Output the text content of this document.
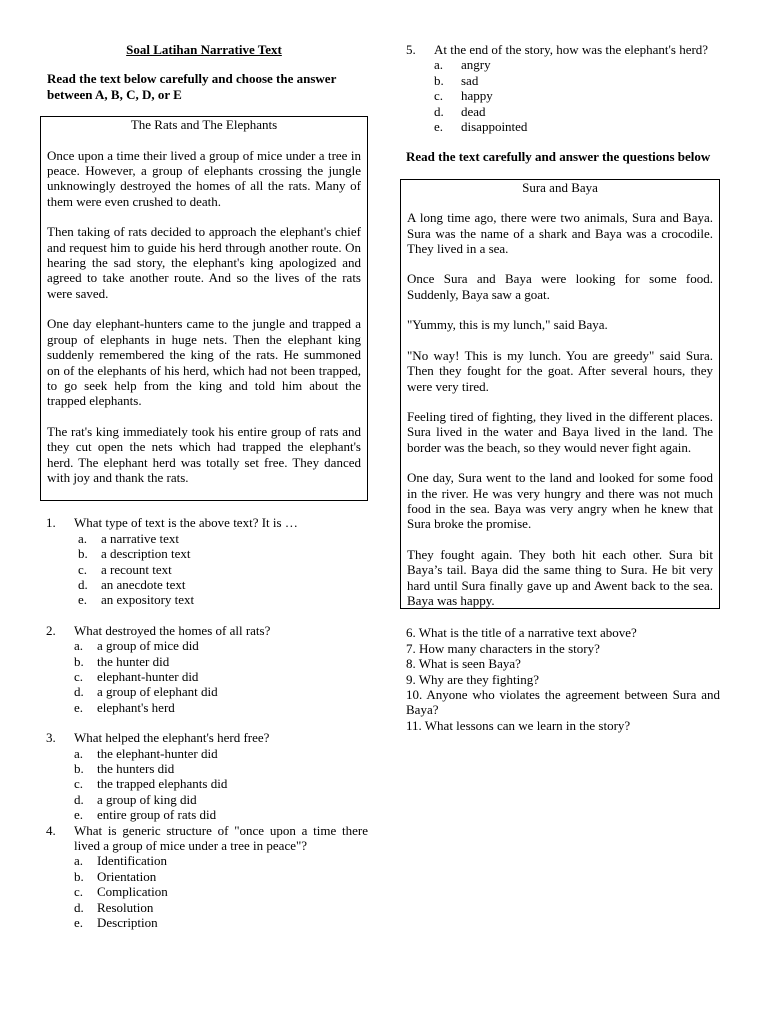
Soal Latihan Narrative Text
Read the text below carefully and choose the answer between A, B, C, D, or E
The Rats and The Elephants

Once upon a time their lived a group of mice under a tree in peace. However, a group of elephants crossing the jungle unknowingly destroyed the homes of all the rats. Many of them were even crushed to death.

Then taking of rats decided to approach the elephant's chief and request him to guide his herd through another route. On hearing the sad story, the elephant's king apologized and agreed to take another route. And so the lives of the rats were saved.

One day elephant-hunters came to the jungle and trapped a group of elephants in huge nets. Then the elephant king suddenly remembered the king of the rats. He summoned on of the elephants of his herd, which had not been trapped, to go seek help from the king and told him about the trapped elephants.

The rat's king immediately took his entire group of rats and they cut open the nets which had trapped the elephant's herd. The elephant herd was totally set free. They danced with joy and thank the rats.

1. What type of text is the above text? It is …
a. a narrative text
b. a description text
c. a recount text
d. an anecdote text
e. an expository text
2. What destroyed the homes of all rats?
a. a group of mice did
b. the hunter did
c. elephant-hunter did
d. a group of elephant did
e. elephant's herd
3. What helped the elephant's herd free?
a. the elephant-hunter did
b. the hunters did
c. the trapped elephants did
d. a group of king did
e. entire group of rats did
4. What is generic structure of "once upon a time there lived a group of mice under a tree in peace"?
a. Identification
b. Orientation
c. Complication
d. Resolution
e. Description
5. At the end of the story, how was the elephant's herd?
a. angry
b. sad
c. happy
d. dead
e. disappointed
Read the text carefully and answer the questions below
Sura and Baya

A long time ago, there were two animals, Sura and Baya. Sura was the name of a shark and Baya was a crocodile. They lived in a sea.

Once Sura and Baya were looking for some food. Suddenly, Baya saw a goat.

"Yummy, this is my lunch," said Baya.

"No way! This is my lunch. You are greedy" said Sura. Then they fought for the goat. After several hours, they were very tired.

Feeling tired of fighting, they lived in the different places. Sura lived in the water and Baya lived in the land. The border was the beach, so they would never fight again.

One day, Sura went to the land and looked for some food in the river. He was very hungry and there was not much food in the sea. Baya was very angry when he knew that Sura broke the promise.

They fought again. They both hit each other. Sura bit Baya’s tail. Baya did the same thing to Sura. He bit very hard until Sura finally gave up and Awent back to the sea. Baya was happy.

6. What is the title of a narrative text above?
7. How many characters in the story?
8. What is seen Baya?
9. Why are they fighting?
10. Anyone who violates the agreement between Sura and Baya?
11. What lessons can we learn in the story?
